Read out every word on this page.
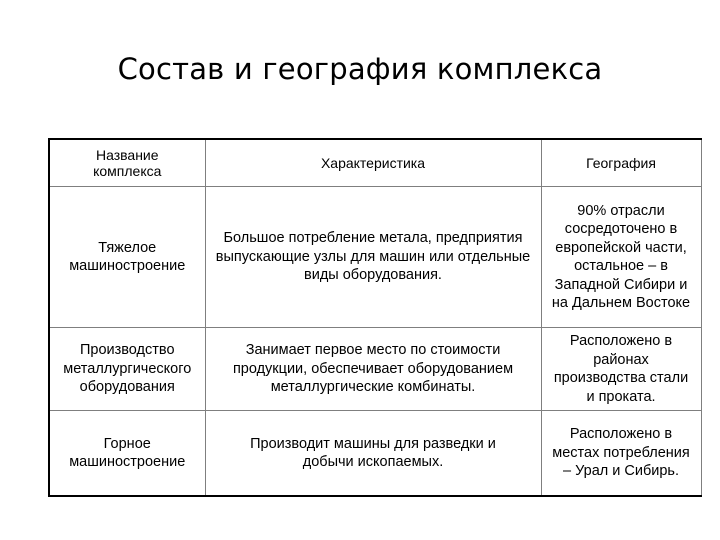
Состав и география комплекса
Название комплекса	Характеристика	География

Тяжелое машиностроение	Большое потребление метала, предприятия выпускающие узлы для машин или отдельные виды оборудования.	90% отрасли сосредоточено в европейской части, остальное – в Западной Сибири и на Дальнем Востоке

Производство металлургического оборудования	Занимает первое место по стоимости продукции, обеспечивает оборудованием металлургические комбинаты.	Расположено в районах производства стали и проката.

Горное машиностроение	Производит машины для разведки и добычи ископаемых.	Расположено в местах потребления – Урал и Сибирь.
